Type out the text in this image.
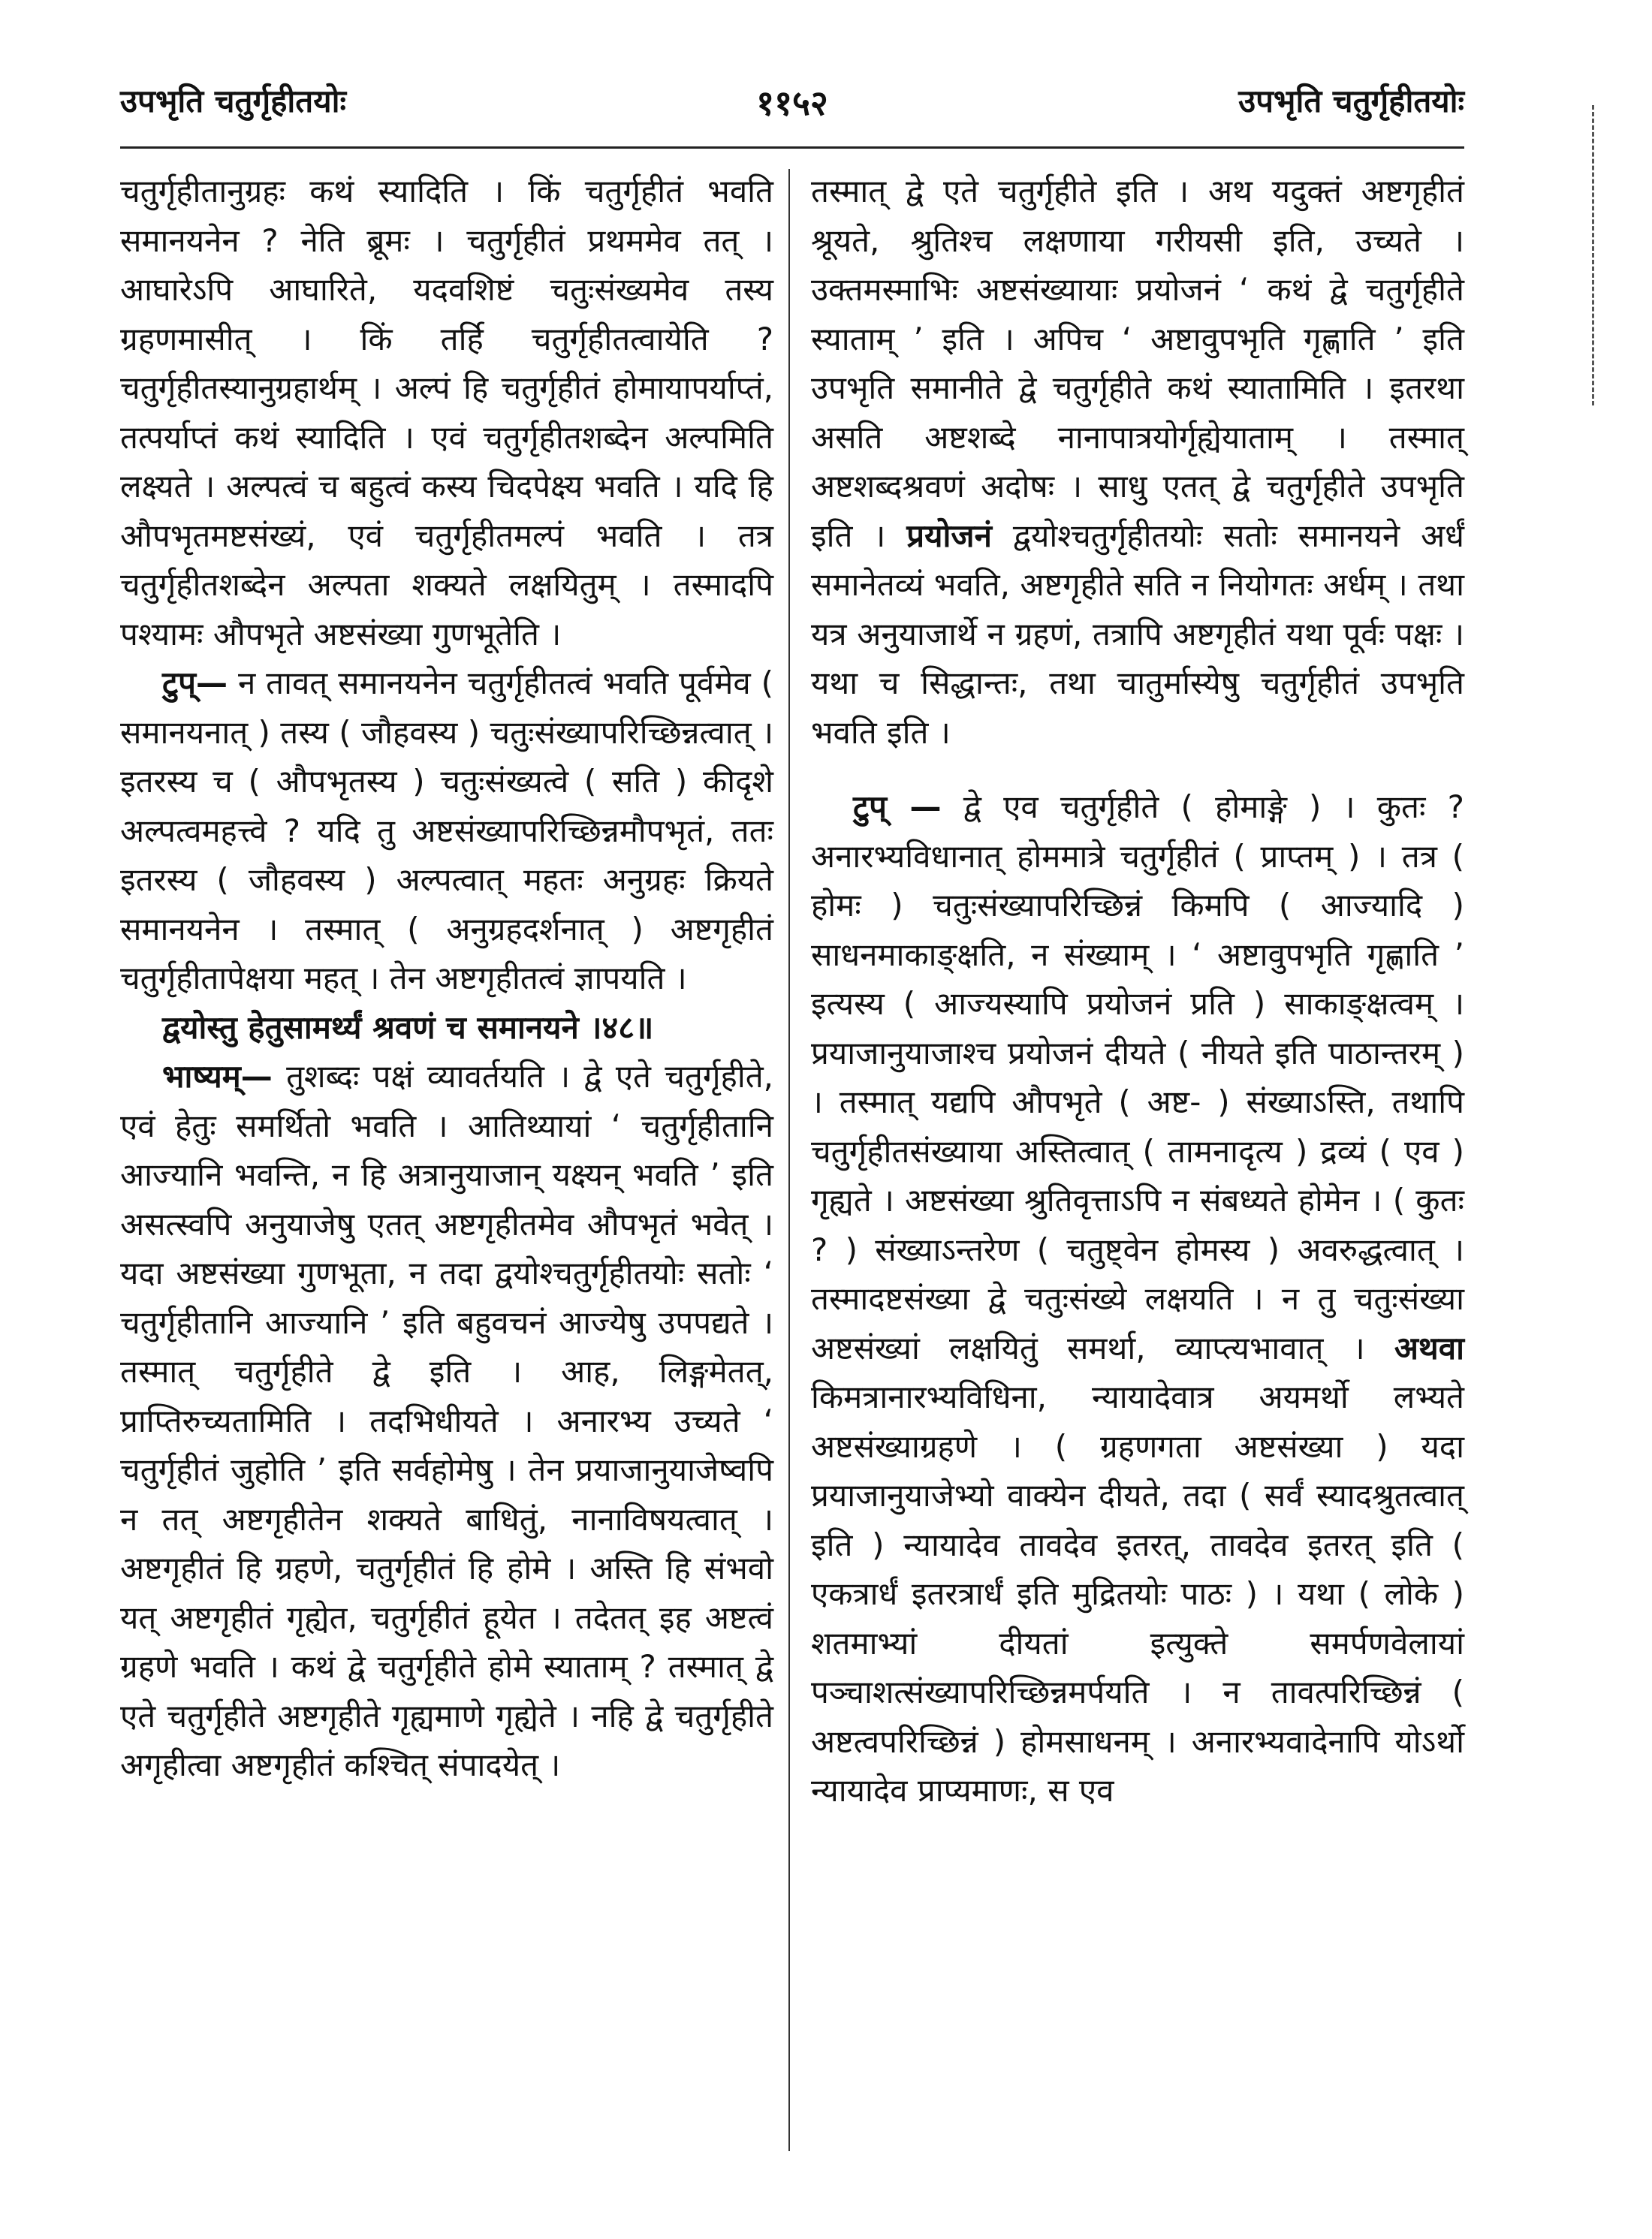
उपभृति चतुर्गृहीतयोः	११५२	उपभृति चतुर्गृहीतयोः

चतुर्गृहीतानुग्रहः कथं स्यादिति । किं चतुर्गृहीतं भवति समानयनेन ? नेति ब्रूमः । चतुर्गृहीतं प्रथममेव तत् । आघारेऽपि आघारिते, यदवशिष्टं चतुःसंख्यमेव तस्य ग्रहणमासीत् । किं तर्हि चतुर्गृहीतत्वायेति ? चतुर्गृहीतस्यानुग्रहार्थम् । अल्पं हि चतुर्गृहीतं होमायापर्याप्तं, तत्पर्याप्तं कथं स्यादिति । एवं चतुर्गृहीतशब्देन अल्पमिति लक्ष्यते । अल्पत्वं च बहुत्वं कस्य चिदपेक्ष्य भवति । यदि हि औपभृतमष्टसंख्यं, एवं चतुर्गृहीतमल्पं भवति । तत्र चतुर्गृहीतशब्देन अल्पता शक्यते लक्षयितुम् । तस्मादपि पश्यामः औपभृते अष्टसंख्या गुणभूतेति ।

टुप्— न तावत् समानयनेन चतुर्गृहीतत्वं भवति पूर्वमेव ( समानयनात् ) तस्य ( जौहवस्य ) चतुःसंख्यापरिच्छिन्नत्वात् । इतरस्य च ( औपभृतस्य ) चतुःसंख्यत्वे ( सति ) कीदृशे अल्पत्वमहत्त्वे ? यदि तु अष्टसंख्यापरिच्छिन्नमौपभृतं, ततः इतरस्य ( जौहवस्य ) अल्पत्वात् महतः अनुग्रहः क्रियते समानयनेन । तस्मात् ( अनुग्रहदर्शनात् ) अष्टगृहीतं चतुर्गृहीतापेक्षया महत् । तेन अष्टगृहीतत्वं ज्ञापयति ।

द्वयोस्तु हेतुसामर्थ्यं श्रवणं च समानयने ।४८॥

भाष्यम्— तुशब्दः पक्षं व्यावर्तयति । द्वे एते चतुर्गृहीते, एवं हेतुः समर्थितो भवति । आतिथ्यायां ‘ चतुर्गृहीतानि आज्यानि भवन्ति, न हि अत्रानुयाजान् यक्ष्यन् भवति ’ इति असत्स्वपि अनुयाजेषु एतत् अष्टगृहीतमेव औपभृतं भवेत् । यदा अष्टसंख्या गुणभूता, न तदा द्वयोश्चतुर्गृहीतयोः सतोः ‘ चतुर्गृहीतानि आज्यानि ’ इति बहुवचनं आज्येषु उपपद्यते । तस्मात् चतुर्गृहीते द्वे इति । आह, लिङ्गमेतत्, प्राप्तिरुच्यतामिति । तदभिधीयते । अनारभ्य उच्यते ‘ चतुर्गृहीतं जुहोति ’ इति सर्वहोमेषु । तेन प्रयाजानुयाजेष्वपि न तत् अष्टगृहीतेन शक्यते बाधितुं, नानाविषयत्वात् । अष्टगृहीतं हि ग्रहणे, चतुर्गृहीतं हि होमे । अस्ति हि संभवो यत् अष्टगृहीतं गृह्येत, चतुर्गृहीतं हूयेत । तदेतत् इह अष्टत्वं ग्रहणे भवति । कथं द्वे चतुर्गृहीते होमे स्याताम् ? तस्मात् द्वे एते चतुर्गृहीते अष्टगृहीते गृह्यमाणे गृह्येते । नहि द्वे चतुर्गृहीते अगृहीत्वा अष्टगृहीतं कश्चित् संपादयेत् ।

तस्मात् द्वे एते चतुर्गृहीते इति । अथ यदुक्तं अष्टगृहीतं श्रूयते, श्रुतिश्च लक्षणाया गरीयसी इति, उच्यते । उक्तमस्माभिः अष्टसंख्यायाः प्रयोजनं ‘ कथं द्वे चतुर्गृहीते स्याताम् ’ इति । अपिच ‘ अष्टावुपभृति गृह्णाति ’ इति उपभृति समानीते द्वे चतुर्गृहीते कथं स्यातामिति । इतरथा असति अष्टशब्दे नानापात्रयोर्गृह्येयाताम् । तस्मात् अष्टशब्दश्रवणं अदोषः । साधु एतत् द्वे चतुर्गृहीते उपभृति इति । प्रयोजनं द्वयोश्चतुर्गृहीतयोः सतोः समानयने अर्धं समानेतव्यं भवति, अष्टगृहीते सति न नियोगतः अर्धम् । तथा यत्र अनुयाजार्थे न ग्रहणं, तत्रापि अष्टगृहीतं यथा पूर्वः पक्षः । यथा च सिद्धान्तः, तथा चातुर्मास्येषु चतुर्गृहीतं उपभृति भवति इति ।

टुप् — द्वे एव चतुर्गृहीते ( होमाङ्गे ) । कुतः ? अनारभ्यविधानात् होममात्रे चतुर्गृहीतं ( प्राप्तम् ) । तत्र ( होमः ) चतुःसंख्यापरिच्छिन्नं किमपि ( आज्यादि ) साधनमाकाङ्क्षति, न संख्याम् । ‘ अष्टावुपभृति गृह्णाति ’ इत्यस्य ( आज्यस्यापि प्रयोजनं प्रति ) साकाङ्क्षत्वम् । प्रयाजानुयाजाश्च प्रयोजनं दीयते ( नीयते इति पाठान्तरम् ) । तस्मात् यद्यपि औपभृते ( अष्ट- ) संख्याऽस्ति, तथापि चतुर्गृहीतसंख्याया अस्तित्वात् ( तामनादृत्य ) द्रव्यं ( एव ) गृह्यते । अष्टसंख्या श्रुतिवृत्ताऽपि न संबध्यते होमेन । ( कुतः ? ) संख्याऽन्तरेण ( चतुष्ट्वेन होमस्य ) अवरुद्धत्वात् । तस्मादष्टसंख्या द्वे चतुःसंख्ये लक्षयति । न तु चतुःसंख्या अष्टसंख्यां लक्षयितुं समर्था, व्याप्त्यभावात् । अथवा किमत्रानारभ्यविधिना, न्यायादेवात्र अयमर्थो लभ्यते अष्टसंख्याग्रहणे । ( ग्रहणगता अष्टसंख्या ) यदा प्रयाजानुयाजेभ्यो वाक्येन दीयते, तदा ( सर्वं स्यादश्रुतत्वात् इति ) न्यायादेव तावदेव इतरत्, तावदेव इतरत् इति ( एकत्रार्धं इतरत्रार्धं इति मुद्रितयोः पाठः ) । यथा ( लोके ) शतमाभ्यां दीयतां इत्युक्ते समर्पणवेलायां पञ्चाशत्संख्यापरिच्छिन्नमर्पयति । न तावत्परिच्छिन्नं ( अष्टत्वपरिच्छिन्नं ) होमसाधनम् । अनारभ्यवादेनापि योऽर्थो न्यायादेव प्राप्यमाणः, स एव
